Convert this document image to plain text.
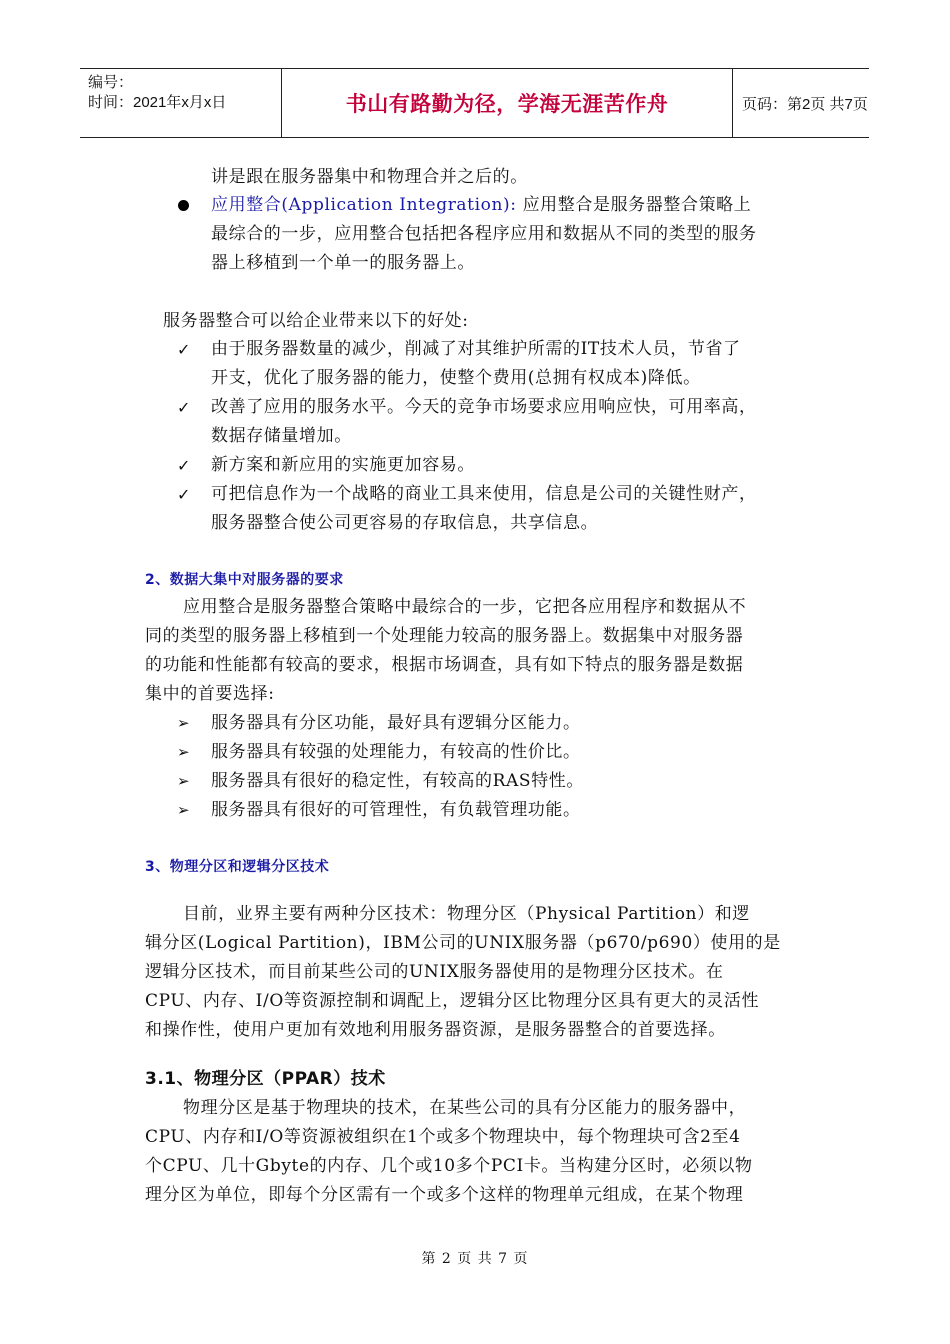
编号：
时间：2021年x月x日	书山有路勤为径，学海无涯苦作舟	页码：第2页 共7页
讲是跟在服务器集中和物理合并之后的。
应用整合(Application Integration): 应用整合是服务器整合策略上
最综合的一步，应用整合包括把各程序应用和数据从不同的类型的服务
器上移植到一个单一的服务器上。
服务器整合可以给企业带来以下的好处:
✓ 由于服务器数量的减少，削减了对其维护所需的IT技术人员，节省了
开支，优化了服务器的能力，使整个费用(总拥有权成本)降低。
✓ 改善了应用的服务水平。今天的竞争市场要求应用响应快，可用率高，
数据存储量增加。
✓ 新方案和新应用的实施更加容易。
✓ 可把信息作为一个战略的商业工具来使用，信息是公司的关键性财产，
服务器整合使公司更容易的存取信息，共享信息。
2、数据大集中对服务器的要求
应用整合是服务器整合策略中最综合的一步，它把各应用程序和数据从不
同的类型的服务器上移植到一个处理能力较高的服务器上。数据集中对服务器
的功能和性能都有较高的要求，根据市场调查，具有如下特点的服务器是数据
集中的首要选择:
➢ 服务器具有分区功能，最好具有逻辑分区能力。
➢ 服务器具有较强的处理能力，有较高的性价比。
➢ 服务器具有很好的稳定性，有较高的RAS特性。
➢ 服务器具有很好的可管理性，有负载管理功能。
3、物理分区和逻辑分区技术
目前，业界主要有两种分区技术：物理分区（Physical Partition）和逻
辑分区(Logical Partition)，IBM公司的UNIX服务器（p670/p690）使用的是
逻辑分区技术，而目前某些公司的UNIX服务器使用的是物理分区技术。在
CPU、内存、I/O等资源控制和调配上，逻辑分区比物理分区具有更大的灵活性
和操作性，使用户更加有效地利用服务器资源，是服务器整合的首要选择。
3.1、物理分区（PPAR）技术
物理分区是基于物理块的技术，在某些公司的具有分区能力的服务器中，
CPU、内存和I/O等资源被组织在1个或多个物理块中，每个物理块可含2至4
个CPU、几十Gbyte的内存、几个或10多个PCI卡。当构建分区时，必须以物
理分区为单位，即每个分区需有一个或多个这样的物理单元组成，在某个物理
第 2 页 共 7 页
